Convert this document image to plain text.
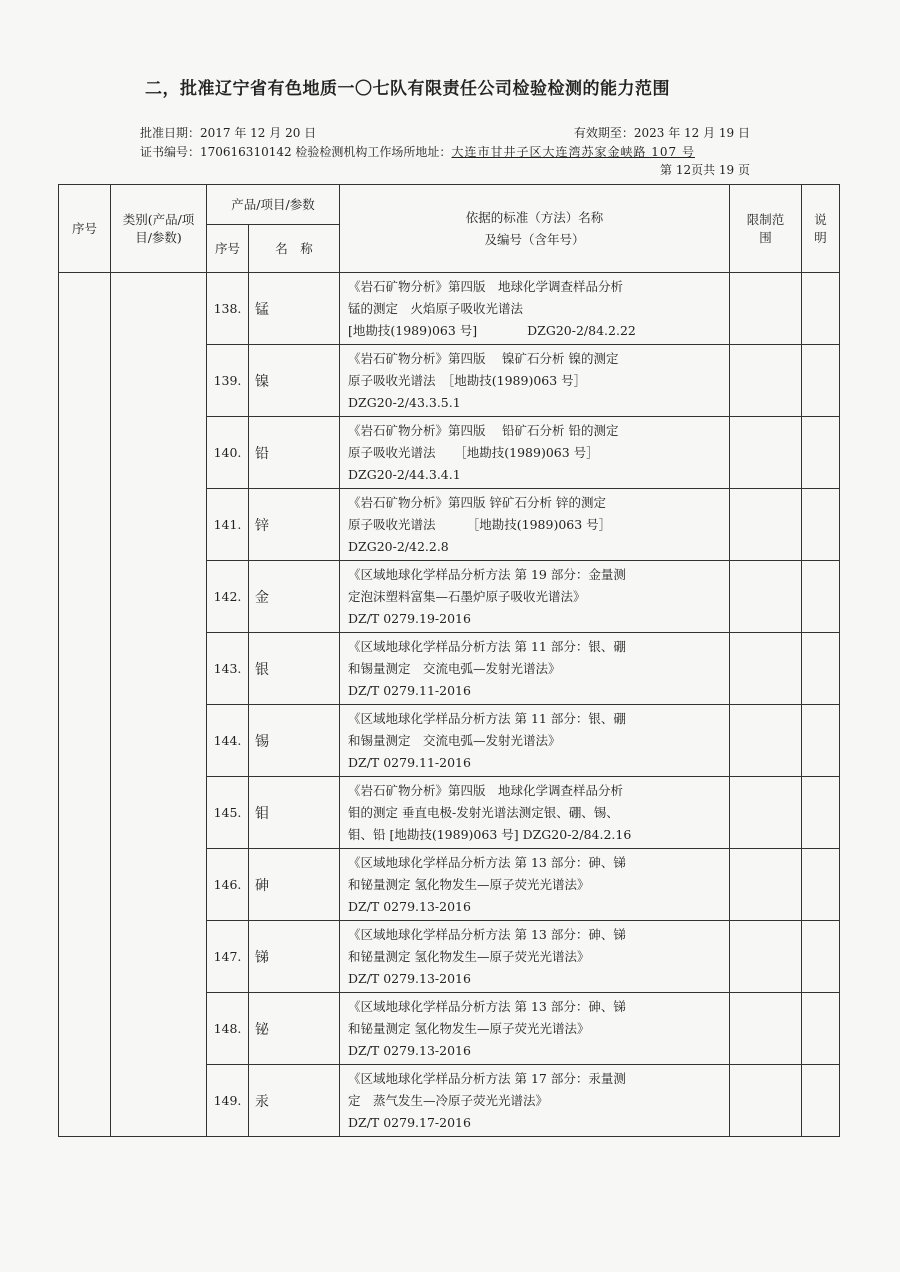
二，批准辽宁省有色地质一〇七队有限责任公司检验检测的能力范围
批准日期：2017 年 12 月 20 日	有效期至：2023 年 12 月 19 日
证书编号：170616310142 检验检测机构工作场所地址：大连市甘井子区大连湾苏家金峡路 107 号
第 12页共 19 页
序号	类别(产品/项目/参数)	产品/项目/参数		依据的标准（方法）名称
及编号（含年号）	限制范围	说明
		序号	名　称			
		138.	锰	《岩石矿物分析》第四版　地球化学调查样品分析
锰的测定　火焰原子吸收光谱法
[地勘技(1989)063 号]　　　　DZG20-2/84.2.22		
		139.	镍	《岩石矿物分析》第四版　 镍矿石分析 镍的测定
原子吸收光谱法　［地勘技(1989)063 号］
DZG20-2/43.3.5.1		
		140.	铅	《岩石矿物分析》第四版　 铅矿石分析 铅的测定
原子吸收光谱法　　［地勘技(1989)063 号］
DZG20-2/44.3.4.1		
		141.	锌	《岩石矿物分析》第四版 锌矿石分析 锌的测定
原子吸收光谱法　　　［地勘技(1989)063 号］
DZG20-2/42.2.8		
		142.	金	《区域地球化学样品分析方法 第 19 部分：金量测
定泡沫塑料富集—石墨炉原子吸收光谱法》
DZ/T 0279.19-2016		
		143.	银	《区域地球化学样品分析方法 第 11 部分：银、硼
和锡量测定　交流电弧—发射光谱法》
DZ/T 0279.11-2016		
		144.	锡	《区域地球化学样品分析方法 第 11 部分：银、硼
和锡量测定　交流电弧—发射光谱法》
DZ/T 0279.11-2016		
		145.	钼	《岩石矿物分析》第四版　地球化学调查样品分析
钼的测定 垂直电极-发射光谱法测定银、硼、锡、
钼、铅 [地勘技(1989)063 号] DZG20-2/84.2.16		
		146.	砷	《区域地球化学样品分析方法 第 13 部分：砷、锑
和铋量测定 氢化物发生—原子荧光光谱法》
DZ/T 0279.13-2016		
		147.	锑	《区域地球化学样品分析方法 第 13 部分：砷、锑
和铋量测定 氢化物发生—原子荧光光谱法》
DZ/T 0279.13-2016		
		148.	铋	《区域地球化学样品分析方法 第 13 部分：砷、锑
和铋量测定 氢化物发生—原子荧光光谱法》
DZ/T 0279.13-2016		
		149.	汞	《区域地球化学样品分析方法 第 17 部分：汞量测
定　蒸气发生—冷原子荧光光谱法》
DZ/T 0279.17-2016		
